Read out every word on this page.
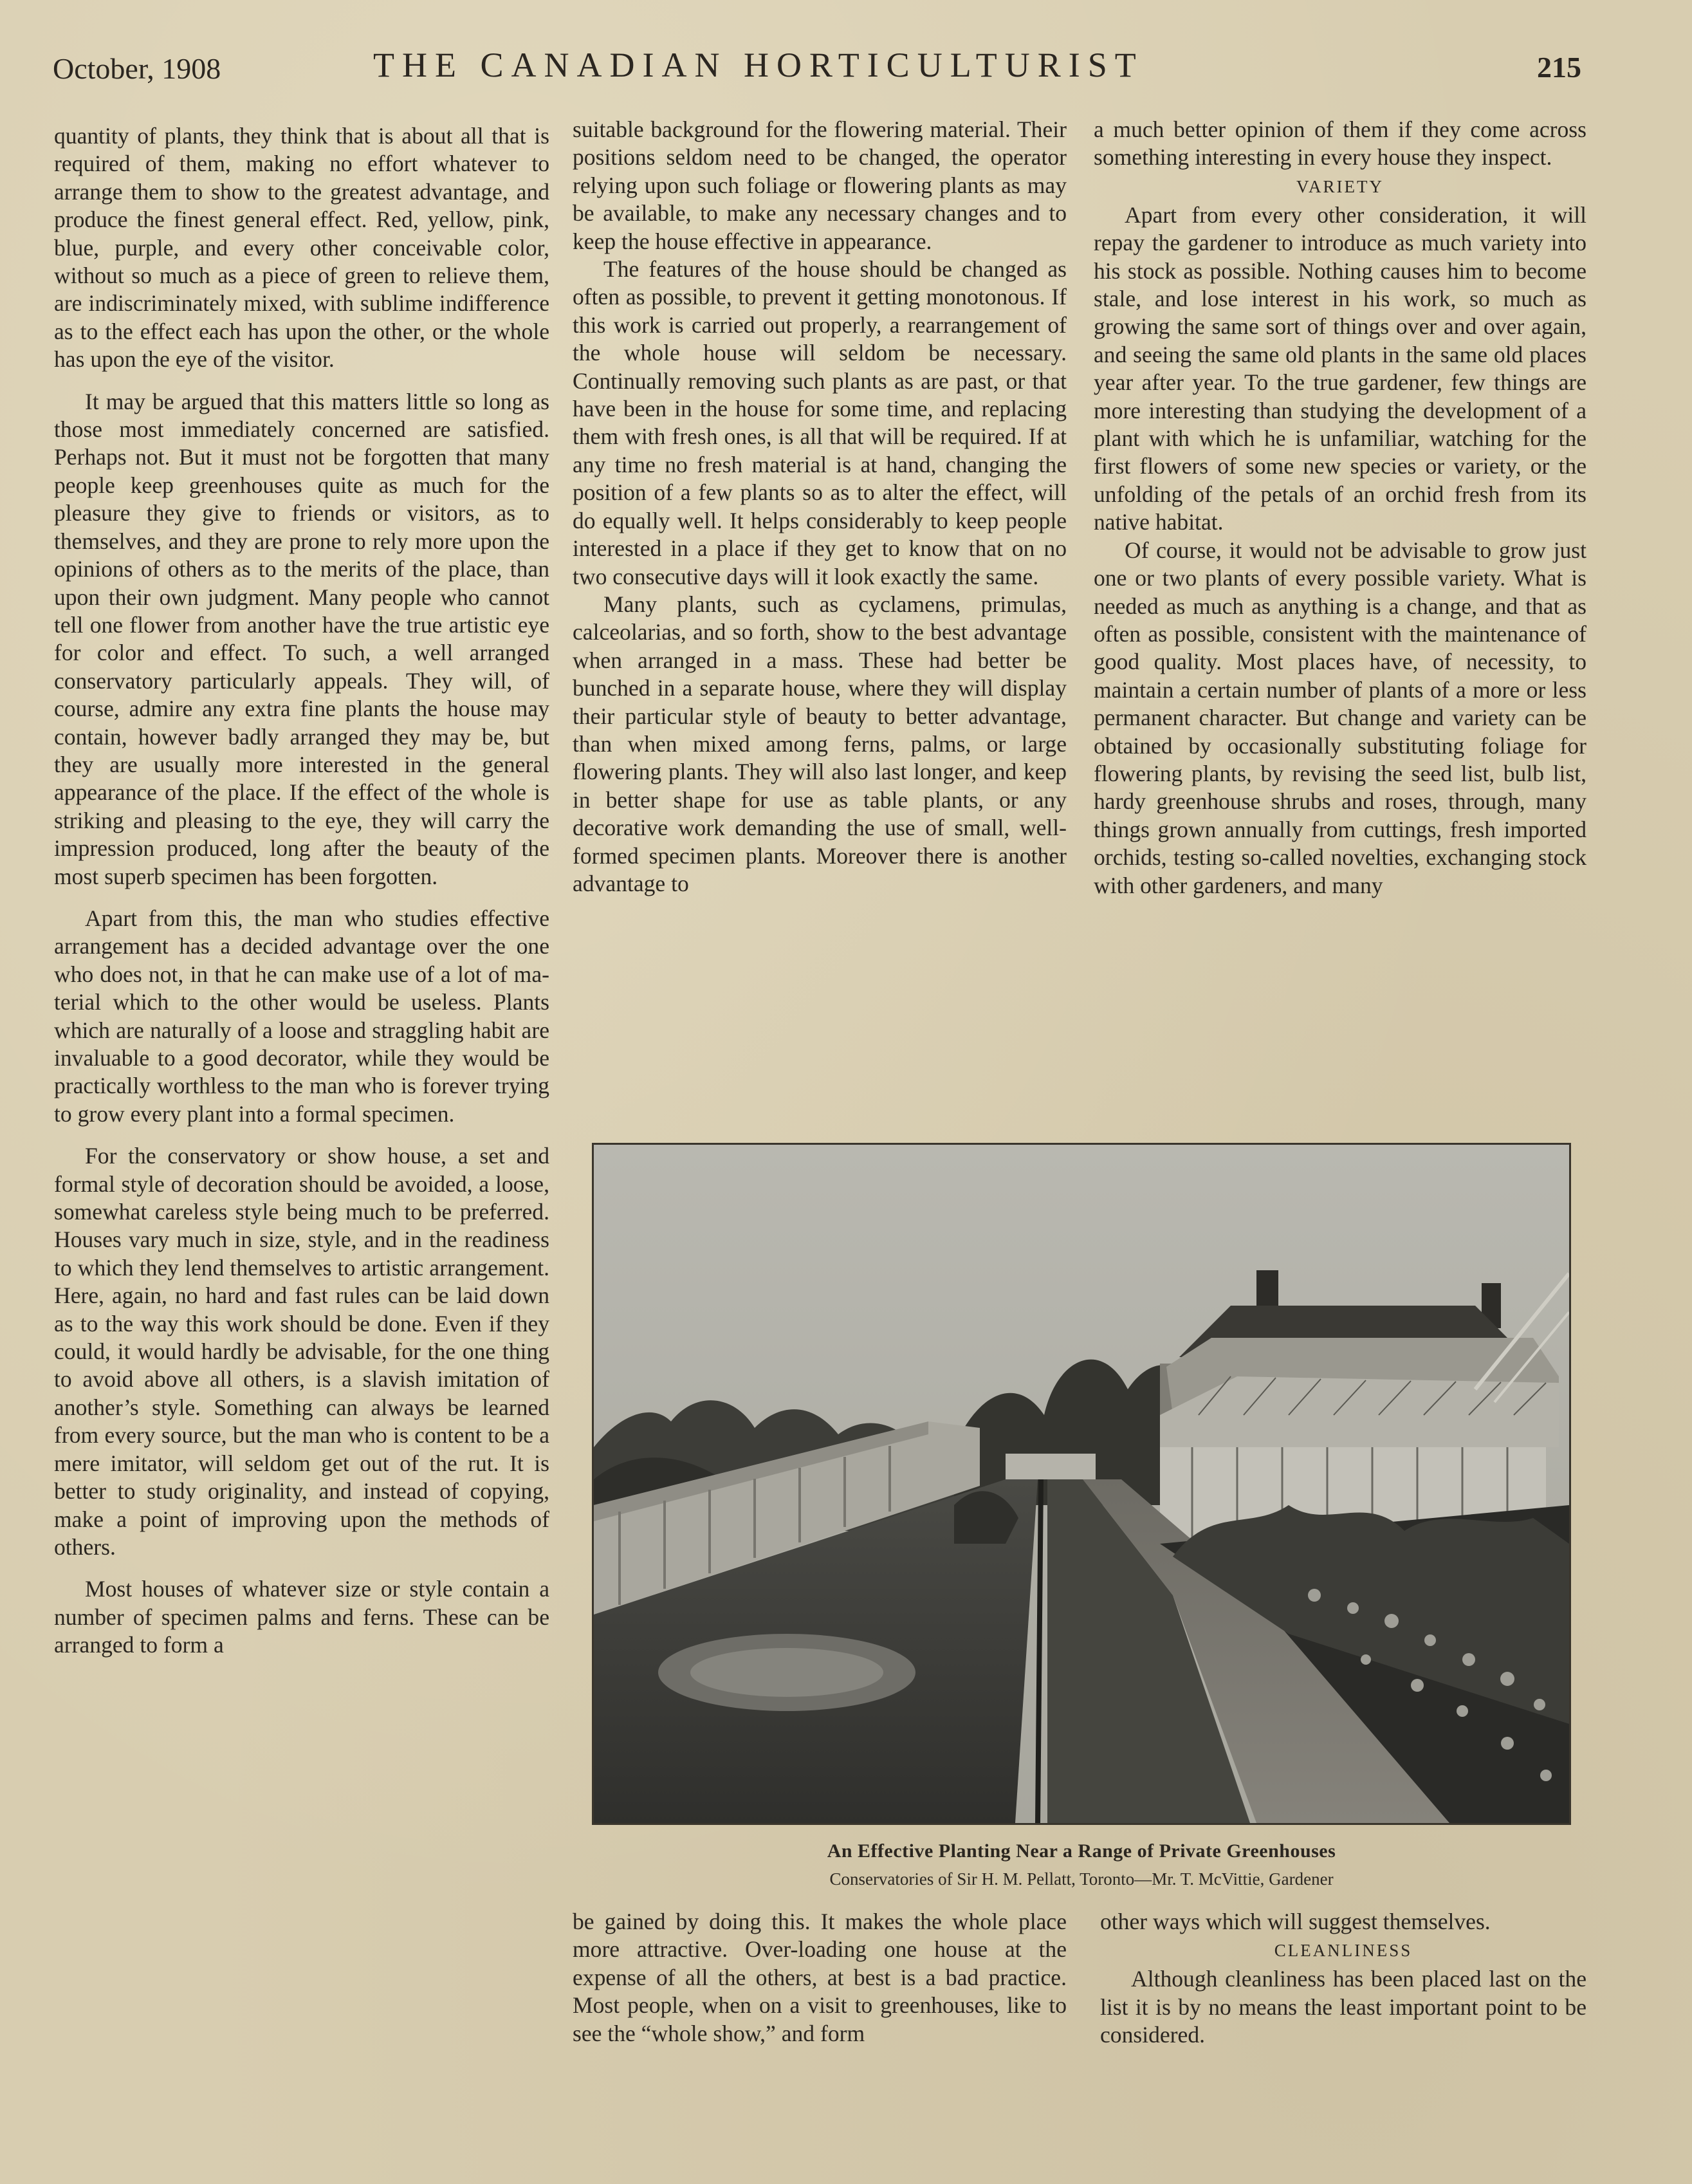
October, 1908	THE CANADIAN HORTICULTURIST	215

quantity of plants, they think that is about all that is required of them, making no effort whatever to arrange them to show to the greatest advantage, and produce the finest general effect. Red, yellow, pink, blue, purple, and every other conceivable color, without so much as a piece of green to relieve them, are indiscriminately mixed, with sublime indifference as to the effect each has upon the other, or the whole has upon the eye of the visitor.

It may be argued that this matters little so long as those most immediately concerned are satisfied. Perhaps not. But it must not be forgotten that many people keep greenhouses quite as much for the pleasure they give to friends or visitors, as to themselves, and they are prone to rely more upon the opinions of others as to the merits of the place, than upon their own judgment. Many people who cannot tell one flower from another have the true artistic eye for color and effect. To such, a well arranged conservatory particularly appeals. They will, of course, admire any extra fine plants the house may contain, however badly arranged they may be, but they are usually more interested in the general appearance of the place. If the effect of the whole is striking and pleasing to the eye, they will carry the impression produced, long after the beauty of the most superb specimen has been forgotten.

Apart from this, the man who studies effective arrangement has a decided advantage over the one who does not, in that he can make use of a lot of material which to the other would be useless. Plants which are naturally of a loose and straggling habit are invaluable to a good decorator, while they would be practically worthless to the man who is forever trying to grow every plant into a formal specimen.

For the conservatory or show house, a set and formal style of decoration should be avoided, a loose, somewhat careless style being much to be preferred. Houses vary much in size, style, and in the readiness to which they lend themselves to artistic arrangement. Here, again, no hard and fast rules can be laid down as to the way this work should be done. Even if they could, it would hardly be advisable, for the one thing to avoid above all others, is a slavish imitation of another’s style. Something can always be learned from every source, but the man who is content to be a mere imitator, will seldom get out of the rut. It is better to study originality, and instead of copying, make a point of improving upon the methods of others.

Most houses of whatever size or style contain a number of specimen palms and ferns. These can be arranged to form a

suitable background for the flowering material. Their positions seldom need to be changed, the operator relying upon such foliage or flowering plants as may be available, to make any necessary changes and to keep the house effective in appearance.

The features of the house should be changed as often as possible, to prevent it getting monotonous. If this work is carried out properly, a rearrangement of the whole house will seldom be necessary. Continually removing such plants as are past, or that have been in the house for some time, and replacing them with fresh ones, is all that will be required. If at any time no fresh material is at hand, changing the position of a few plants so as to alter the effect, will do equally well. It helps considerably to keep people interested in a place if they get to know that on no two consecutive days will it look exactly the same.

Many plants, such as cyclamens, primulas, calceolarias, and so forth, show to the best advantage when arranged in a mass. These had better be bunched in a separate house, where they will display their particular style of beauty to better advantage, than when mixed among ferns, palms, or large flowering plants. They will also last longer, and keep in better shape for use as table plants, or any decorative work demanding the use of small, well-formed specimen plants. Moreover there is another advantage to

a much better opinion of them if they come across something interesting in every house they inspect.

VARIETY

Apart from every other consideration, it will repay the gardener to introduce as much variety into his stock as possible. Nothing causes him to become stale, and lose interest in his work, so much as growing the same sort of things over and over again, and seeing the same old plants in the same old places year after year. To the true gardener, few things are more interesting than studying the development of a plant with which he is unfamiliar, watching for the first flowers of some new species or variety, or the unfolding of the petals of an orchid fresh from its native habitat.

Of course, it would not be advisable to grow just one or two plants of every possible variety. What is needed as much as anything is a change, and that as often as possible, consistent with the maintenance of good quality. Most places have, of necessity, to maintain a certain number of plants of a more or less permanent character. But change and variety can be obtained by occasionally substituting foliage for flowering plants, by revising the seed list, bulb list, hardy greenhouse shrubs and roses, through, many things grown annually from cuttings, fresh imported orchids, testing so-called novelties, exchanging stock with other gardeners, and many

An Effective Planting Near a Range of Private Greenhouses
Conservatories of Sir H. M. Pellatt, Toronto—Mr. T. McVittie, Gardener

be gained by doing this. It makes the whole place more attractive. Over-loading one house at the expense of all the others, at best is a bad practice. Most people, when on a visit to greenhouses, like to see the “whole show,” and form

other ways which will suggest themselves.

CLEANLINESS

Although cleanliness has been placed last on the list it is by no means the least important point to be considered.
